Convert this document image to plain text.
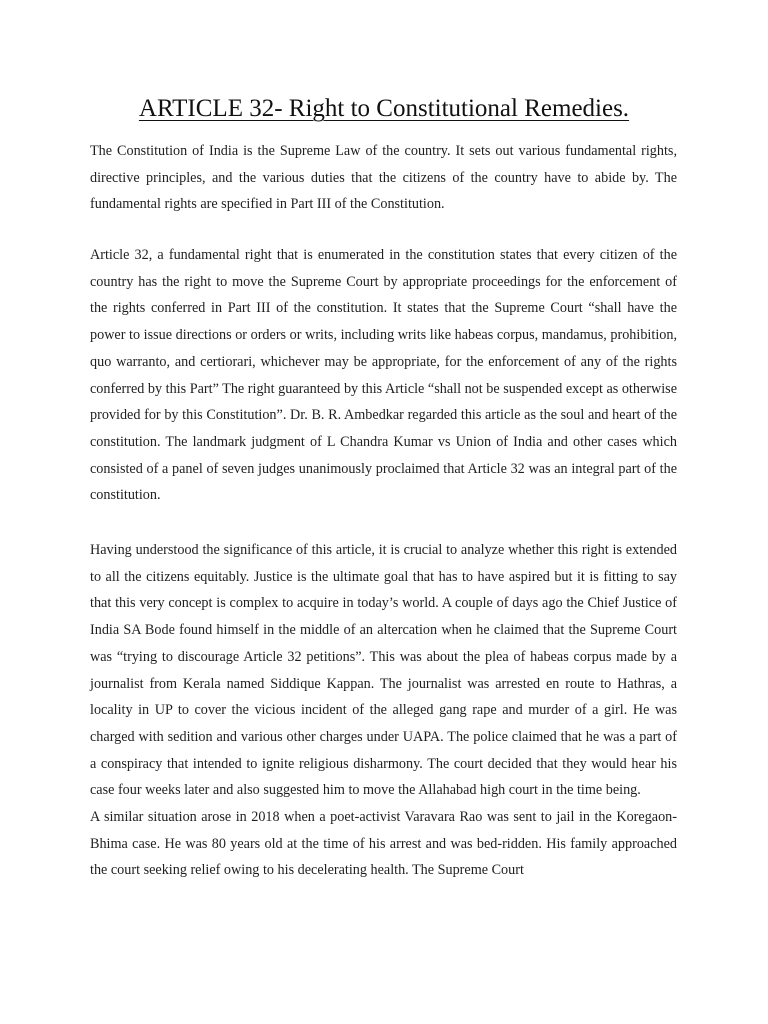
ARTICLE 32- Right to Constitutional Remedies.

The Constitution of India is the Supreme Law of the country. It sets out various fundamental rights, directive principles, and the various duties that the citizens of the country have to abide by. The fundamental rights are specified in Part III of the Constitution.

Article 32, a fundamental right that is enumerated in the constitution states that every citizen of the country has the right to move the Supreme Court by appropriate proceedings for the enforcement of the rights conferred in Part III of the constitution. It states that the Supreme Court “shall have the power to issue directions or orders or writs, including writs like habeas corpus, mandamus, prohibition, quo warranto, and certiorari, whichever may be appropriate, for the enforcement of any of the rights conferred by this Part” The right guaranteed by this Article “shall not be suspended except as otherwise provided for by this Constitution”. Dr. B. R. Ambedkar regarded this article as the soul and heart of the constitution. The landmark judgment of L Chandra Kumar vs Union of India and other cases which consisted of a panel of seven judges unanimously proclaimed that Article 32 was an integral part of the constitution.

Having understood the significance of this article, it is crucial to analyze whether this right is extended to all the citizens equitably. Justice is the ultimate goal that has to have aspired but it is fitting to say that this very concept is complex to acquire in today’s world. A couple of days ago the Chief Justice of India SA Bode found himself in the middle of an altercation when he claimed that the Supreme Court was “trying to discourage Article 32 petitions”. This was about the plea of habeas corpus made by a journalist from Kerala named Siddique Kappan. The journalist was arrested en route to Hathras, a locality in UP to cover the vicious incident of the alleged gang rape and murder of a girl. He was charged with sedition and various other charges under UAPA. The police claimed that he was a part of a conspiracy that intended to ignite religious disharmony. The court decided that they would hear his case four weeks later and also suggested him to move the Allahabad high court in the time being.

A similar situation arose in 2018 when a poet-activist Varavara Rao was sent to jail in the Koregaon-Bhima case. He was 80 years old at the time of his arrest and was bed-ridden. His family approached the court seeking relief owing to his decelerating health. The Supreme Court
